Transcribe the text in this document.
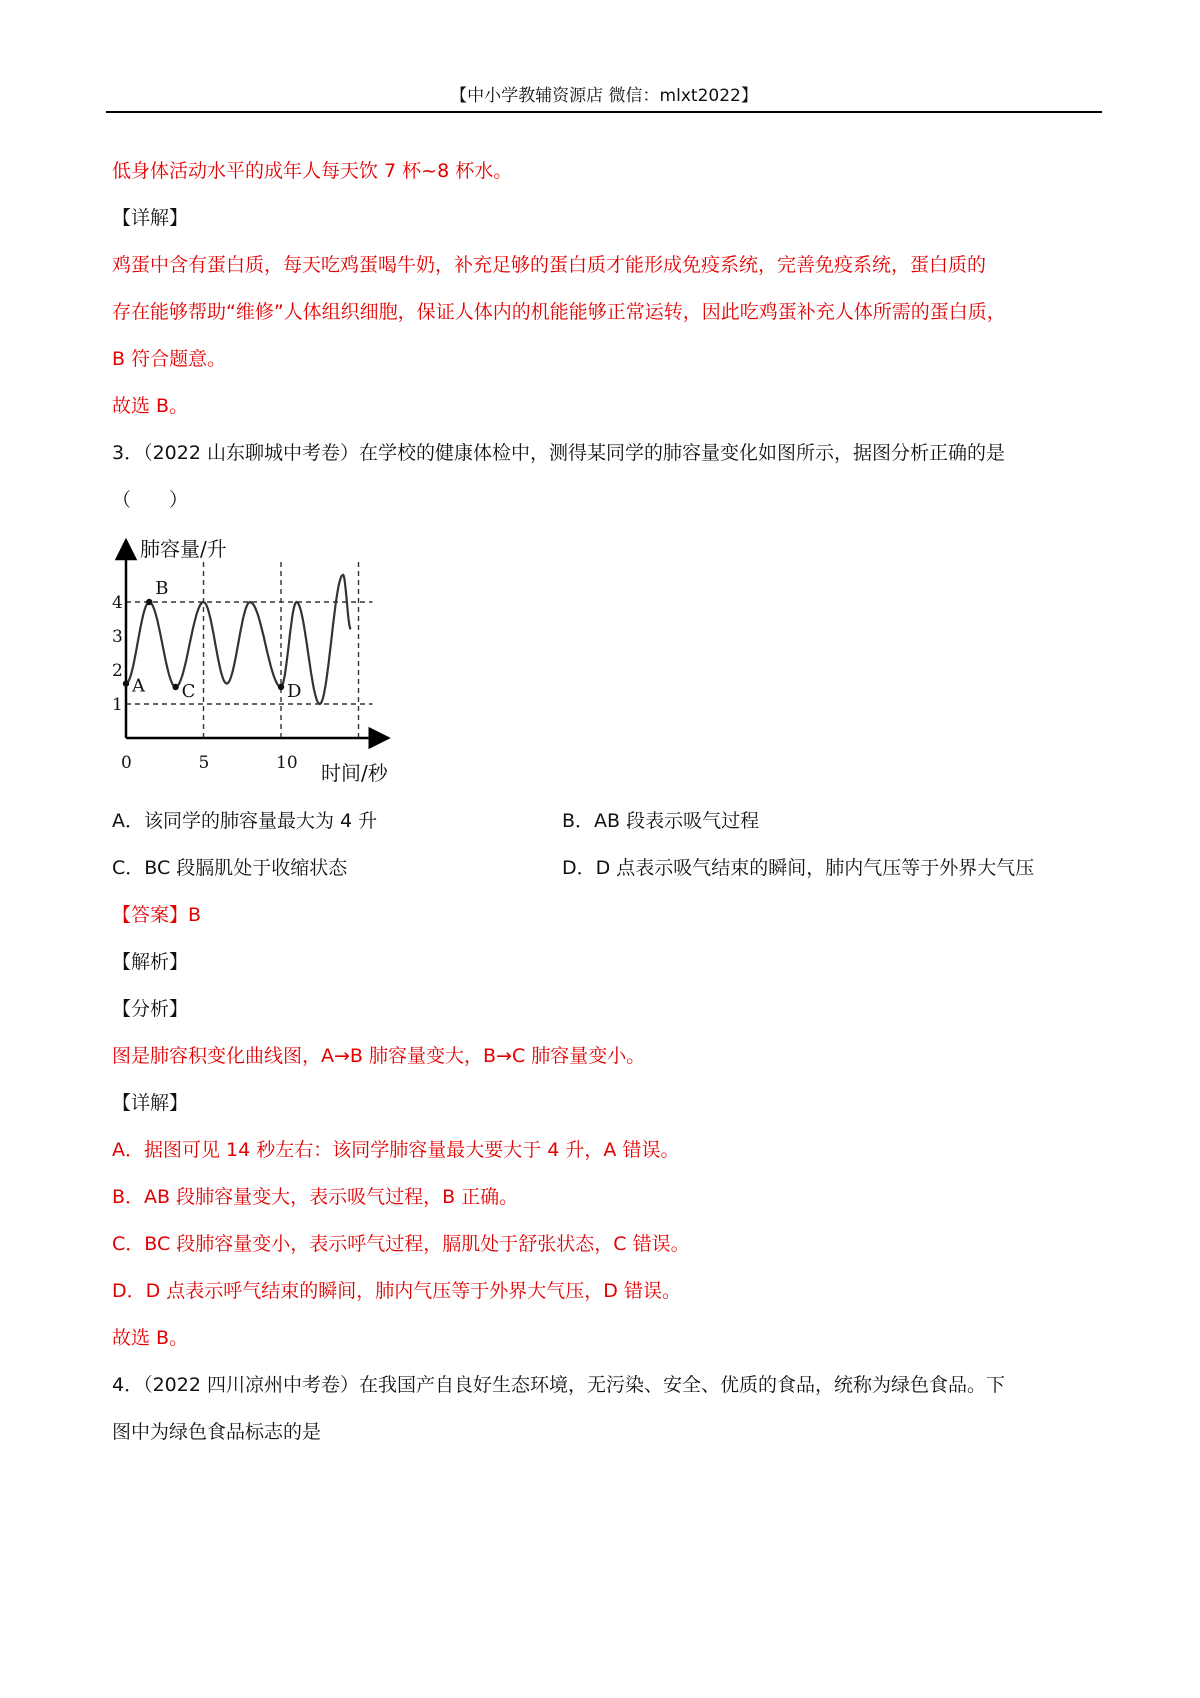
【中小学教辅资源店 微信：mlxt2022】

低身体活动水平的成年人每天饮 7 杯~8 杯水。

【详解】

鸡蛋中含有蛋白质，每天吃鸡蛋喝牛奶，补充足够的蛋白质才能形成免疫系统，完善免疫系统，蛋白质的

存在能够帮助“维修”人体组织细胞，保证人体内的机能能够正常运转，因此吃鸡蛋补充人体所需的蛋白质，

B 符合题意。

故选 B。

3．（2022 山东聊城中考卷）在学校的健康体检中，测得某同学的肺容量变化如图所示，据图分析正确的是

（　　）

肺容量/升
时间/秒
1
2
3
4
0	5	10
A
B
C	D
A．该同学的肺容量最大为 4 升	B．AB 段表示吸气过程
C．BC 段膈肌处于收缩状态	D．D 点表示吸气结束的瞬间，肺内气压等于外界大气压

【答案】B

【解析】

【分析】

图是肺容积变化曲线图，A→B 肺容量变大，B→C 肺容量变小。

【详解】

A．据图可见 14 秒左右：该同学肺容量最大要大于 4 升，A 错误。

B．AB 段肺容量变大，表示吸气过程，B 正确。

C．BC 段肺容量变小，表示呼气过程，膈肌处于舒张状态，C 错误。

D．D 点表示呼气结束的瞬间，肺内气压等于外界大气压，D 错误。

故选 B。

4．（2022 四川凉州中考卷）在我国产自良好生态环境，无污染、安全、优质的食品，统称为绿色食品。下

图中为绿色食品标志的是
